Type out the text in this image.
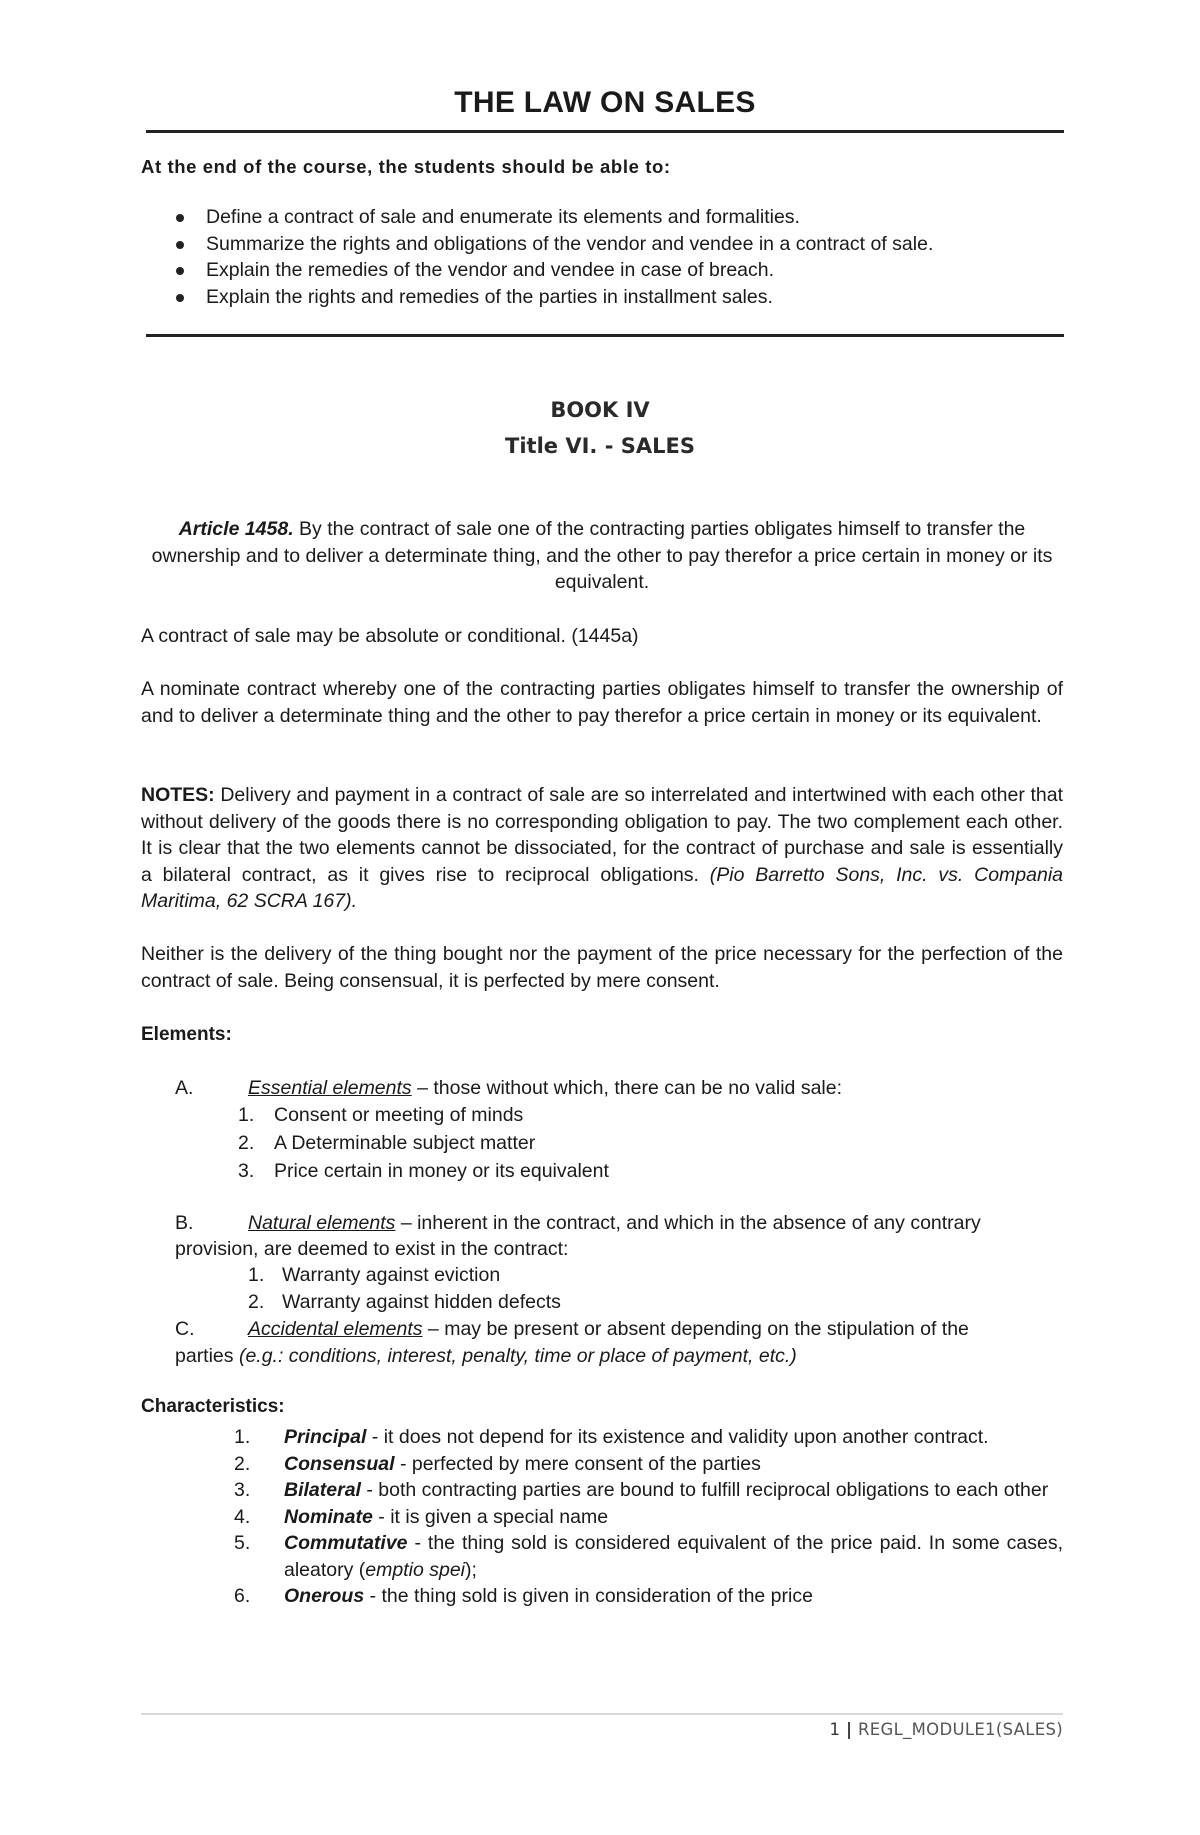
THE LAW ON SALES
At the end of the course, the students should be able to:
Define a contract of sale and enumerate its elements and formalities.
Summarize the rights and obligations of the vendor and vendee in a contract of sale.
Explain the remedies of the vendor and vendee in case of breach.
Explain the rights and remedies of the parties in installment sales.
BOOK IV
Title VI. - SALES

Article 1458. By the contract of sale one of the contracting parties obligates himself to transfer the ownership and to deliver a determinate thing, and the other to pay therefor a price certain in money or its equivalent.

A contract of sale may be absolute or conditional. (1445a)

A nominate contract whereby one of the contracting parties obligates himself to transfer the ownership of and to deliver a determinate thing and the other to pay therefor a price certain in money or its equivalent.

NOTES: Delivery and payment in a contract of sale are so interrelated and intertwined with each other that without delivery of the goods there is no corresponding obligation to pay. The two complement each other. It is clear that the two elements cannot be dissociated, for the contract of purchase and sale is essentially a bilateral contract, as it gives rise to reciprocal obligations. (Pio Barretto Sons, Inc. vs. Compania Maritima, 62 SCRA 167).

Neither is the delivery of the thing bought nor the payment of the price necessary for the perfection of the contract of sale. Being consensual, it is perfected by mere consent.

Elements:
A.	Essential elements – those without which, there can be no valid sale:
1. Consent or meeting of minds
2. A Determinable subject matter
3. Price certain in money or its equivalent
B.	Natural elements – inherent in the contract, and which in the absence of any contrary
provision, are deemed to exist in the contract:
1. Warranty against eviction
2. Warranty against hidden defects
C.	Accidental elements – may be present or absent depending on the stipulation of the
parties (e.g.: conditions, interest, penalty, time or place of payment, etc.)
Characteristics:
1. Principal - it does not depend for its existence and validity upon another contract.
2. Consensual - perfected by mere consent of the parties
3. Bilateral - both contracting parties are bound to fulfill reciprocal obligations to each other
4. Nominate - it is given a special name
5. Commutative - the thing sold is considered equivalent of the price paid. In some cases, aleatory (emptio spei);
6. Onerous - the thing sold is given in consideration of the price
1 | REGL_MODULE1(SALES)
